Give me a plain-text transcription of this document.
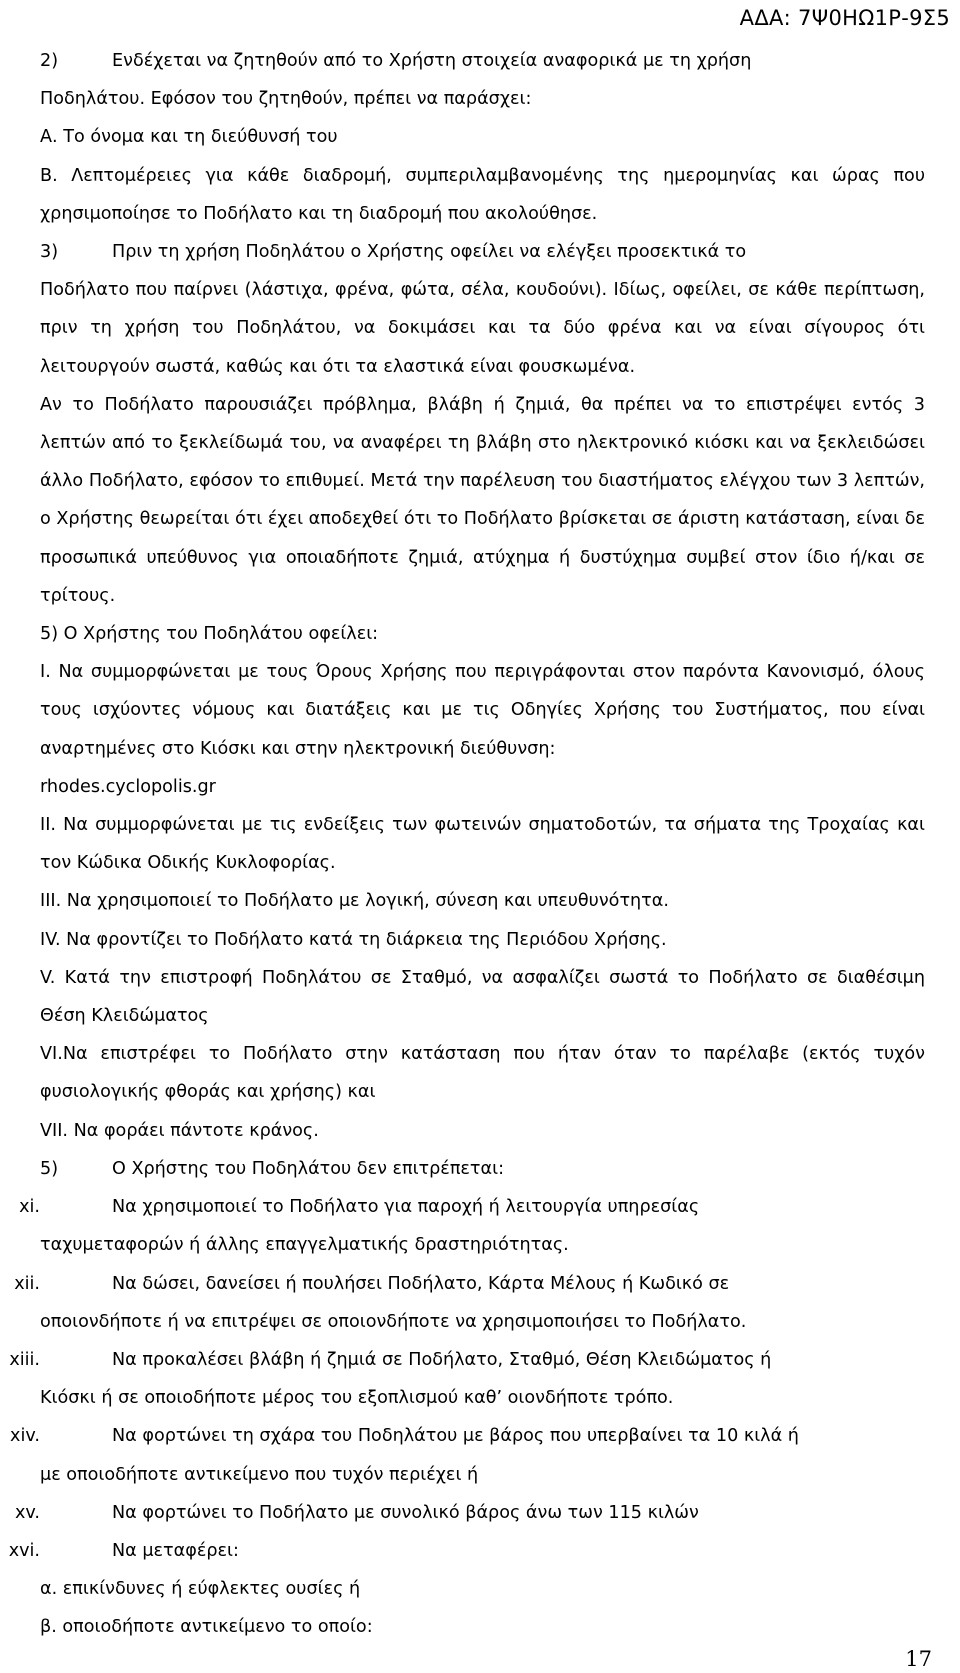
ΑΔΑ: 7Ψ0ΗΩ1Ρ-9Σ5
2)	Ενδέχεται να ζητηθούν από το Χρήστη στοιχεία αναφορικά με τη χρήση

Ποδηλάτου. Εφόσον του ζητηθούν, πρέπει να παράσχει:

Α. Το όνομα και τη διεύθυνσή του

Β. Λεπτομέρειες για κάθε διαδρομή, συμπεριλαμβανομένης της ημερομηνίας και ώρας που χρησιμοποίησε το Ποδήλατο και τη διαδρομή που ακολούθησε.

3)	Πριν τη χρήση Ποδηλάτου ο Χρήστης οφείλει να ελέγξει προσεκτικά το

Ποδήλατο που παίρνει (λάστιχα, φρένα, φώτα, σέλα, κουδούνι). Ιδίως, οφείλει, σε κάθε περίπτωση, πριν τη χρήση του Ποδηλάτου, να δοκιμάσει και τα δύο φρένα και να είναι σίγουρος ότι λειτουργούν σωστά, καθώς και ότι τα ελαστικά είναι φουσκωμένα.

Αν το Ποδήλατο παρουσιάζει πρόβλημα, βλάβη ή ζημιά, θα πρέπει να το επιστρέψει εντός 3 λεπτών από το ξεκλείδωμά του, να αναφέρει τη βλάβη στο ηλεκτρονικό κιόσκι και να ξεκλειδώσει άλλο Ποδήλατο, εφόσον το επιθυμεί. Μετά την παρέλευση του διαστήματος ελέγχου των 3 λεπτών, ο Χρήστης θεωρείται ότι έχει αποδεχθεί ότι το Ποδήλατο βρίσκεται σε άριστη κατάσταση, είναι δε προσωπικά υπεύθυνος για οποιαδήποτε ζημιά, ατύχημα ή δυστύχημα συμβεί στον ίδιο ή/και σε τρίτους.

5) Ο Χρήστης του Ποδηλάτου οφείλει:

Ι. Να συμμορφώνεται με τους Όρους Χρήσης που περιγράφονται στον παρόντα Κανονισμό, όλους τους ισχύοντες νόμους και διατάξεις και με τις Οδηγίες Χρήσης του Συστήματος, που είναι αναρτημένες στο Κιόσκι και στην ηλεκτρονική διεύθυνση:

rhodes.cyclopolis.gr

ΙΙ. Να συμμορφώνεται με τις ενδείξεις των φωτεινών σηματοδοτών, τα σήματα της Τροχαίας και τον Κώδικα Οδικής Κυκλοφορίας.

ΙΙΙ. Να χρησιμοποιεί το Ποδήλατο με λογική, σύνεση και υπευθυνότητα.

ΙV. Να φροντίζει το Ποδήλατο κατά τη διάρκεια της Περιόδου Χρήσης.

V. Κατά την επιστροφή Ποδηλάτου σε Σταθμό, να ασφαλίζει σωστά το Ποδήλατο σε διαθέσιμη Θέση Κλειδώματος

VI.Να επιστρέφει το Ποδήλατο στην κατάσταση που ήταν όταν το παρέλαβε (εκτός τυχόν φυσιολογικής φθοράς και χρήσης) και

VII. Να φοράει πάντοτε κράνος.

5)	Ο Χρήστης του Ποδηλάτου δεν επιτρέπεται:
xi.	Να χρησιμοποιεί το Ποδήλατο για παροχή ή λειτουργία υπηρεσίας

ταχυμεταφορών ή άλλης επαγγελματικής δραστηριότητας.

xii.	Να δώσει, δανείσει ή πουλήσει Ποδήλατο, Κάρτα Μέλους ή Κωδικό σε

οποιονδήποτε ή να επιτρέψει σε οποιονδήποτε να χρησιμοποιήσει το Ποδήλατο.

xiii.	Να προκαλέσει βλάβη ή ζημιά σε Ποδήλατο, Σταθμό, Θέση Κλειδώματος ή

Κιόσκι ή σε οποιοδήποτε μέρος του εξοπλισμού καθ’ οιονδήποτε τρόπο.

xiv.	Να φορτώνει τη σχάρα του Ποδηλάτου με βάρος που υπερβαίνει τα 10 κιλά ή

με οποιοδήποτε αντικείμενο που τυχόν περιέχει ή

xv.	Να φορτώνει το Ποδήλατο με συνολικό βάρος άνω των 115 κιλών
xvi.	Να μεταφέρει:

α. επικίνδυνες ή εύφλεκτες ουσίες ή

β. οποιοδήποτε αντικείμενο το οποίο:

17
